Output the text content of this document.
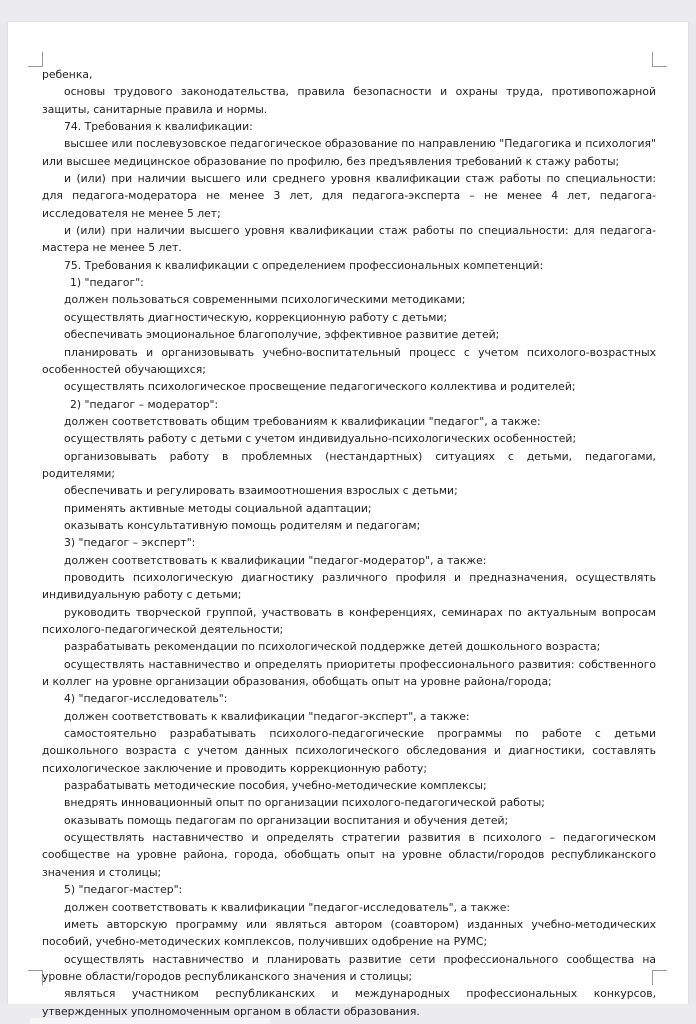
ребенка,

основы трудового законодательства, правила безопасности и охраны труда, противопожарной защиты, санитарные правила и нормы.

74. Требования к квалификации:

высшее или послевузовское педагогическое образование по направлению "Педагогика и психология" или высшее медицинское образование по профилю, без предъявления требований к стажу работы;

и (или) при наличии высшего или среднего уровня квалификации стаж работы по специальности: для педагога-модератора не менее 3 лет, для педагога-эксперта – не менее 4 лет, педагога-исследователя не менее 5 лет;

и (или) при наличии высшего уровня квалификации стаж работы по специальности: для педагога-мастера не менее 5 лет.

75. Требования к квалификации с определением профессиональных компетенций:

1) "педагог":

должен пользоваться современными психологическими методиками;

осуществлять диагностическую, коррекционную работу с детьми;

обеспечивать эмоциональное благополучие, эффективное развитие детей;

планировать и организовывать учебно-воспитательный процесс с учетом психолого-возрастных особенностей обучающихся;

осуществлять психологическое просвещение педагогического коллектива и родителей;

2) "педагог – модератор":

должен соответствовать общим требованиям к квалификации "педагог", а также:

осуществлять работу с детьми с учетом индивидуально-психологических особенностей;

организовывать работу в проблемных (нестандартных) ситуациях с детьми, педагогами, родителями;

обеспечивать и регулировать взаимоотношения взрослых с детьми;

применять активные методы социальной адаптации;

оказывать консультативную помощь родителям и педагогам;

3) "педагог – эксперт":

должен соответствовать к квалификации "педагог-модератор", а также:

проводить психологическую диагностику различного профиля и предназначения, осуществлять индивидуальную работу с детьми;

руководить творческой группой, участвовать в конференциях, семинарах по актуальным вопросам психолого-педагогической деятельности;

разрабатывать рекомендации по психологической поддержке детей дошкольного возраста;

осуществлять наставничество и определять приоритеты профессионального развития: собственного и коллег на уровне организации образования, обобщать опыт на уровне района/города;

4) "педагог-исследователь":

должен соответствовать к квалификации "педагог-эксперт", а также:

самостоятельно разрабатывать психолого-педагогические программы по работе с детьми дошкольного возраста с учетом данных психологического обследования и диагностики, составлять психологическое заключение и проводить коррекционную работу;

разрабатывать методические пособия, учебно-методические комплексы;

внедрять инновационный опыт по организации психолого-педагогической работы;

оказывать помощь педагогам по организации воспитания и обучения детей;

осуществлять наставничество и определять стратегии развития в психолого – педагогическом сообществе на уровне района, города, обобщать опыт на уровне области/городов республиканского значения и столицы;

5) "педагог-мастер":

должен соответствовать к квалификации "педагог-исследователь", а также:

иметь авторскую программу или являться автором (соавтором) изданных учебно-методических пособий, учебно-методических комплексов, получивших одобрение на РУМС;

осуществлять наставничество и планировать развитие сети профессионального сообщества на уровне области/городов республиканского значения и столицы;

являться участником республиканских и международных профессиональных конкурсов, утвержденных уполномоченным органом в области образования.
